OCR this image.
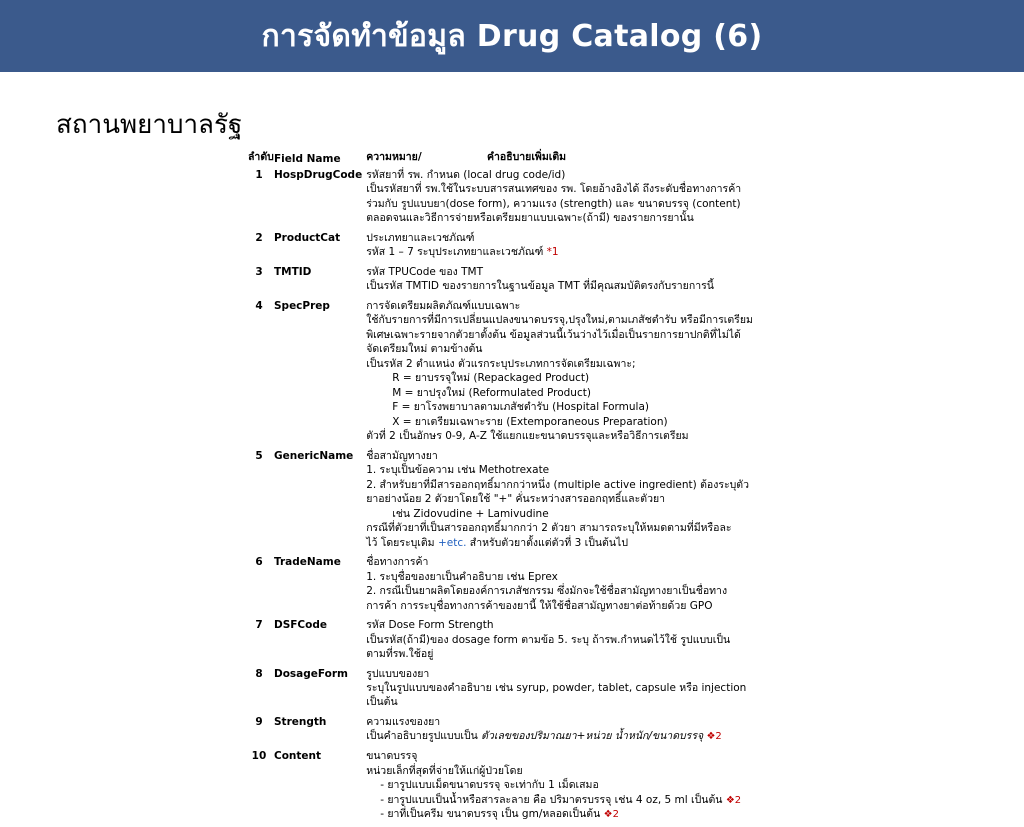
การจัดทำข้อมูล Drug Catalog (6)
สถานพยาบาลรัฐ
ลำดับ	Field Name	ความหมาย/ คำอธิบายเพิ่มเติม
1	HospDrugCode	รหัสยาที่ รพ. กำหนด (local drug code/id)
เป็นรหัสยาที่ รพ.ใช้ในระบบสารสนเทศของ รพ. โดยอ้างอิงได้ ถึงระดับชื่อทางการค้า
ร่วมกับ รูปแบบยา(dose form), ความแรง (strength) และ ขนาดบรรจุ (content)
ตลอดจนและวิธีการจ่ายหรือเตรียมยาแบบเฉพาะ(ถ้ามี) ของรายการยานั้น

2	ProductCat	ประเภทยาและเวชภัณฑ์
รหัส 1 – 7 ระบุประเภทยาและเวชภัณฑ์ *1

3	TMTID	รหัส TPUCode ของ TMT
เป็นรหัส TMTID ของรายการในฐานข้อมูล TMT ที่มีคุณสมบัติตรงกับรายการนี้

4	SpecPrep	การจัดเตรียมผลิตภัณฑ์แบบเฉพาะ
ใช้กับรายการที่มีการเปลี่ยนแปลงขนาดบรรจุ,ปรุงใหม่,ตามเภสัชตำรับ หรือมีการเตรียม
พิเศษเฉพาะรายจากตัวยาตั้งต้น ข้อมูลส่วนนี้เว้นว่างไว้เมื่อเป็นรายการยาปกติที่ไม่ได้
จัดเตรียมใหม่ ตามข้างต้น
เป็นรหัส 2 ตำแหน่ง ตัวแรกระบุประเภทการจัดเตรียมเฉพาะ;
R = ยาบรรจุใหม่ (Repackaged Product)
M = ยาปรุงใหม่ (Reformulated Product)
F = ยาโรงพยาบาลตามเภสัชตำรับ (Hospital Formula)
X = ยาเตรียมเฉพาะราย (Extemporaneous Preparation)
ตัวที่ 2 เป็นอักษร 0-9, A-Z ใช้แยกแยะขนาดบรรจุและหรือวิธีการเตรียม

5	GenericName	ชื่อสามัญทางยา
1. ระบุเป็นข้อความ เช่น Methotrexate
2. สำหรับยาที่มีสารออกฤทธิ์มากกว่าหนึ่ง (multiple active ingredient) ต้องระบุตัว
ยาอย่างน้อย 2 ตัวยาโดยใช้ "+" คั่นระหว่างสารออกฤทธิ์และตัวยา
เช่น Zidovudine + Lamivudine
กรณีที่ตัวยาที่เป็นสารออกฤทธิ์มากกว่า 2 ตัวยา สามารถระบุให้หมดตามที่มีหรือละ
ไว้ โดยระบุเติม +etc. สำหรับตัวยาตั้งแต่ตัวที่ 3 เป็นต้นไป

6	TradeName	ชื่อทางการค้า
1. ระบุชื่อของยาเป็นคำอธิบาย เช่น Eprex
2. กรณีเป็นยาผลิตโดยองค์การเภสัชกรรม ซึ่งมักจะใช้ชื่อสามัญทางยาเป็นชื่อทาง
การค้า การระบุชื่อทางการค้าของยานี้ ให้ใช้ชื่อสามัญทางยาต่อท้ายด้วย GPO

7	DSFCode	รหัส Dose Form Strength
เป็นรหัส(ถ้ามี)ของ dosage form ตามข้อ 5. ระบุ ถ้ารพ.กำหนดไว้ใช้ รูปแบบเป็น
ตามที่รพ.ใช้อยู่

8	DosageForm	รูปแบบของยา
ระบุในรูปแบบของคำอธิบาย เช่น syrup, powder, tablet, capsule หรือ injection
เป็นต้น

9	Strength	ความแรงของยา
เป็นคำอธิบายรูปแบบเป็น ตัวเลขของปริมาณยา+หน่วย น้ำหนัก/ขนาดบรรจุ ❖2

10	Content	ขนาดบรรจุ
หน่วยเล็กที่สุดที่จ่ายให้แก่ผู้ป่วยโดย
- ยารูปแบบเม็ดขนาดบรรจุ จะเท่ากับ 1 เม็ดเสมอ
- ยารูปแบบเป็นน้ำหรือสารละลาย คือ ปริมาตรบรรจุ เช่น 4 oz, 5 ml เป็นต้น ❖2
- ยาที่เป็นครีม ขนาดบรรจุ เป็น gm/หลอดเป็นต้น ❖2
